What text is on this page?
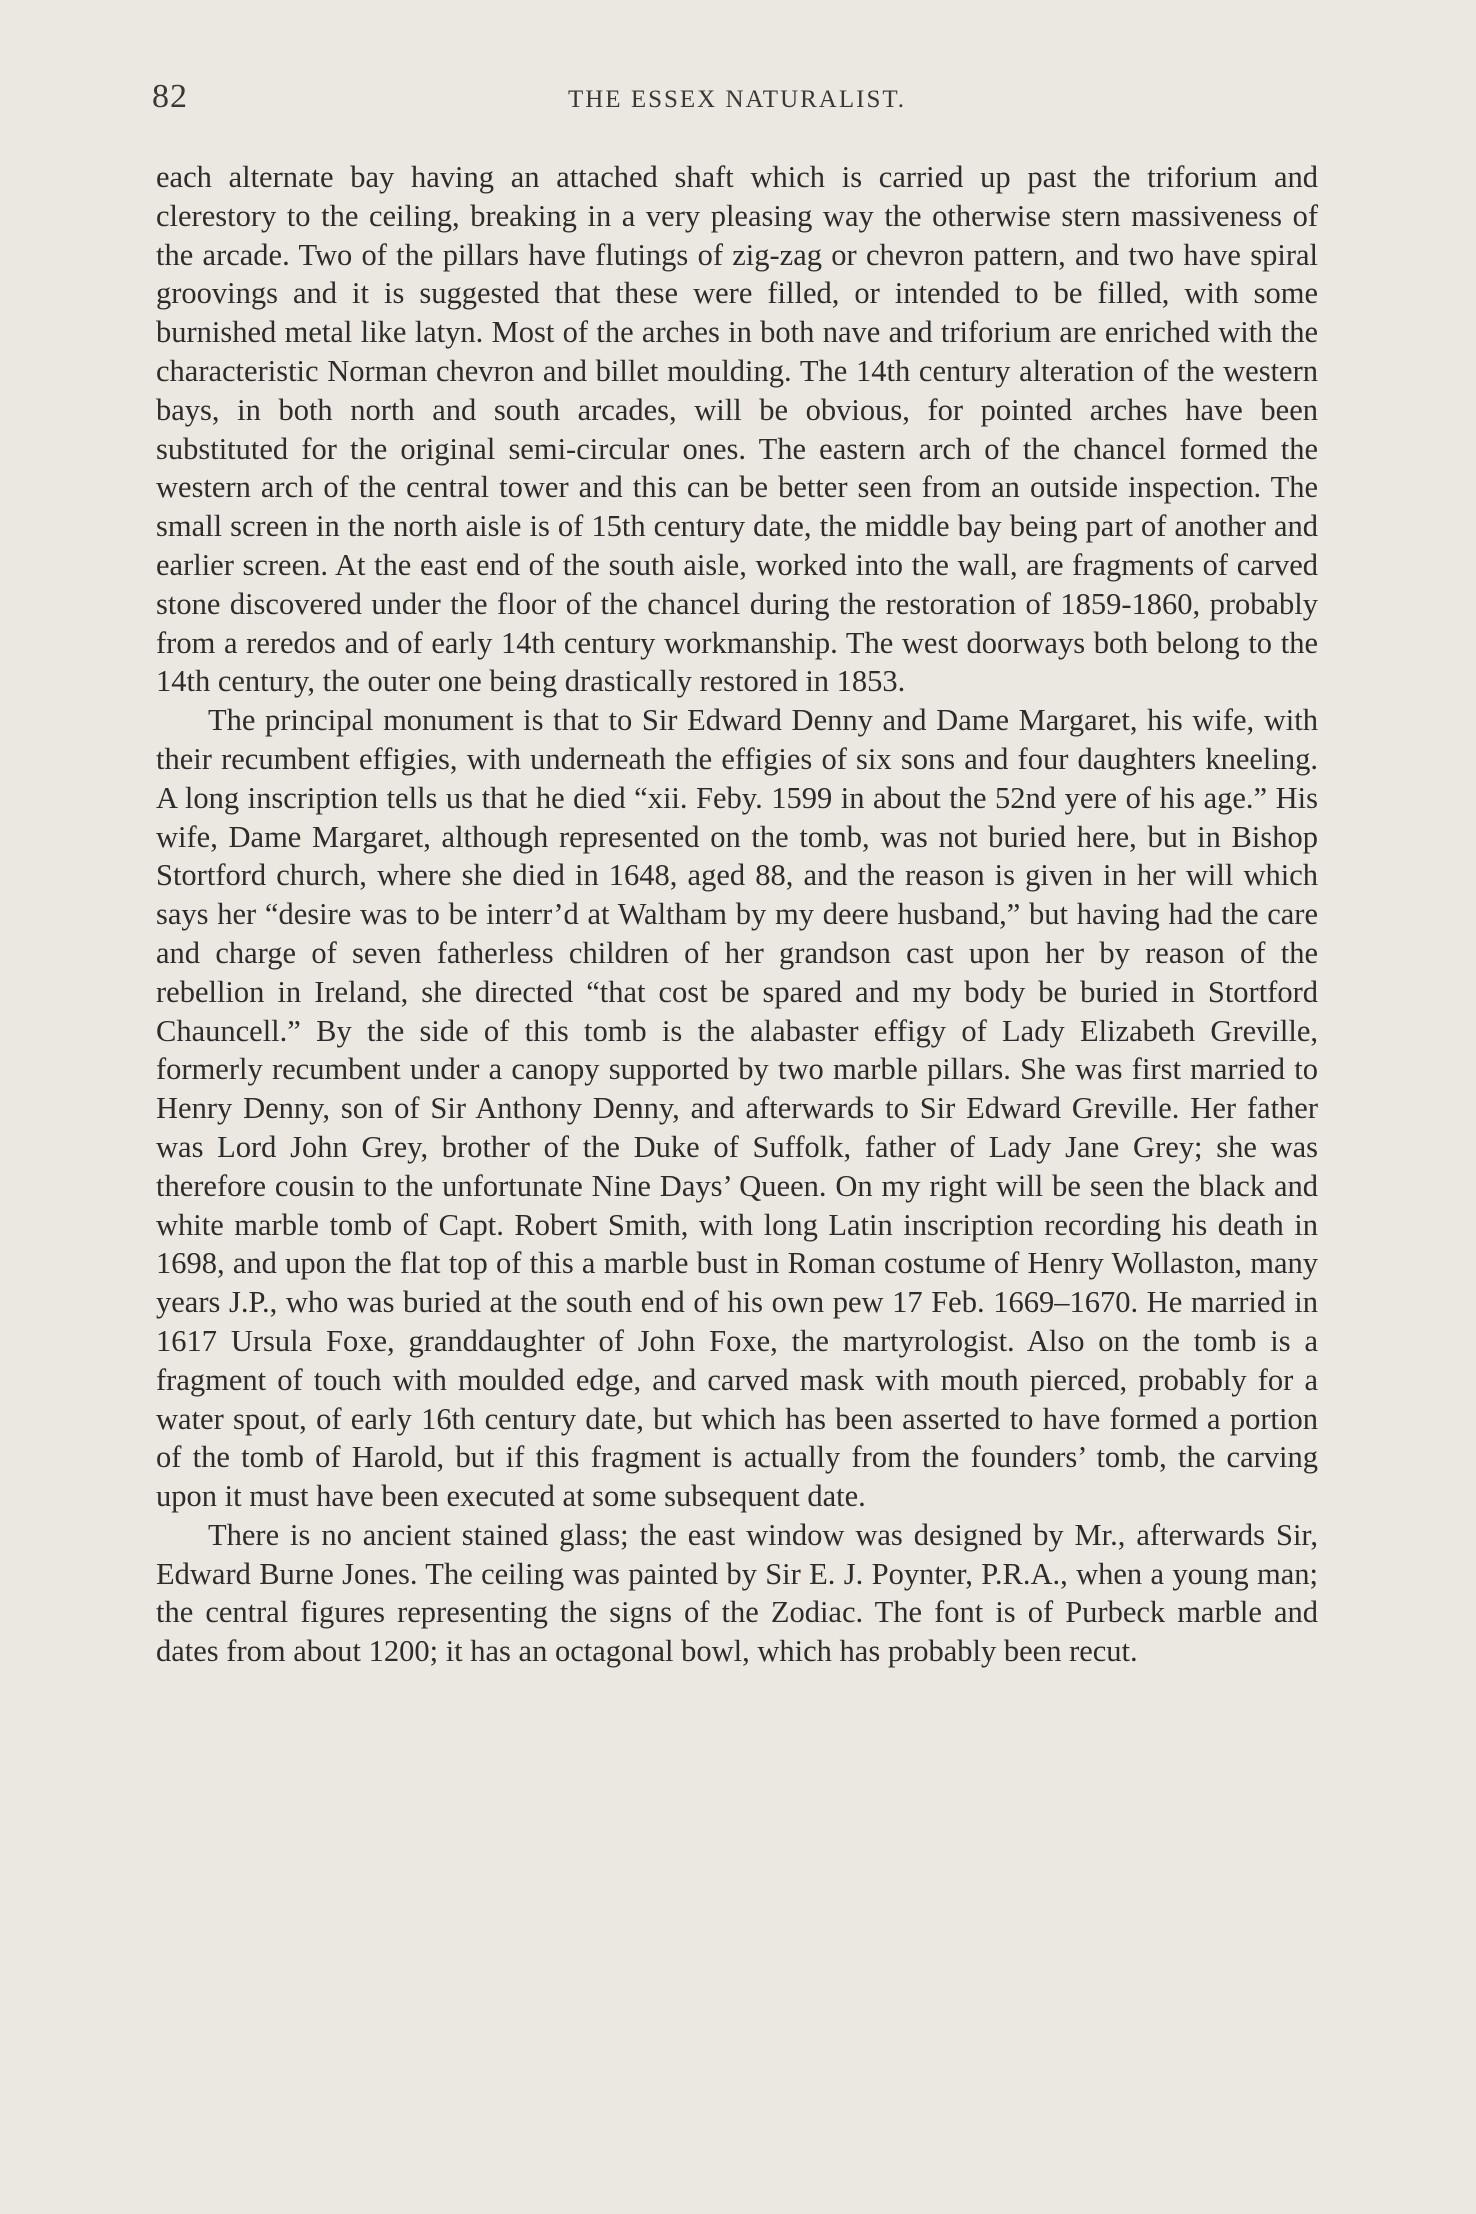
82	THE ESSEX NATURALIST.

each alternate bay having an attached shaft which is carried up past the triforium and clerestory to the ceiling, breaking in a very pleasing way the otherwise stern massiveness of the arcade. Two of the pillars have flutings of zig-zag or chevron pattern, and two have spiral groovings and it is suggested that these were filled, or intended to be filled, with some burnished metal like latyn. Most of the arches in both nave and triforium are enriched with the characteristic Norman chevron and billet moulding. The 14th century alteration of the western bays, in both north and south arcades, will be obvious, for pointed arches have been substituted for the original semi-circular ones. The eastern arch of the chancel formed the western arch of the central tower and this can be better seen from an outside inspection. The small screen in the north aisle is of 15th century date, the middle bay being part of another and earlier screen. At the east end of the south aisle, worked into the wall, are fragments of carved stone discovered under the floor of the chancel during the restoration of 1859-1860, probably from a reredos and of early 14th century workmanship. The west doorways both belong to the 14th century, the outer one being drastically restored in 1853.

The principal monument is that to Sir Edward Denny and Dame Margaret, his wife, with their recumbent effigies, with underneath the effigies of six sons and four daughters kneeling. A long inscription tells us that he died “xii. Feby. 1599 in about the 52nd yere of his age.” His wife, Dame Margaret, although represented on the tomb, was not buried here, but in Bishop Stortford church, where she died in 1648, aged 88, and the reason is given in her will which says her “desire was to be interr’d at Waltham by my deere husband,” but having had the care and charge of seven fatherless children of her grandson cast upon her by reason of the rebellion in Ireland, she directed “that cost be spared and my body be buried in Stortford Chauncell.” By the side of this tomb is the alabaster effigy of Lady Elizabeth Greville, formerly recumbent under a canopy supported by two marble pillars. She was first married to Henry Denny, son of Sir Anthony Denny, and afterwards to Sir Edward Greville. Her father was Lord John Grey, brother of the Duke of Suffolk, father of Lady Jane Grey; she was therefore cousin to the unfortunate Nine Days’ Queen. On my right will be seen the black and white marble tomb of Capt. Robert Smith, with long Latin inscription recording his death in 1698, and upon the flat top of this a marble bust in Roman costume of Henry Wollaston, many years J.P., who was buried at the south end of his own pew 17 Feb. 1669–1670. He married in 1617 Ursula Foxe, granddaughter of John Foxe, the martyrologist. Also on the tomb is a fragment of touch with moulded edge, and carved mask with mouth pierced, probably for a water spout, of early 16th century date, but which has been asserted to have formed a portion of the tomb of Harold, but if this fragment is actually from the founders’ tomb, the carving upon it must have been executed at some subsequent date.

There is no ancient stained glass; the east window was designed by Mr., afterwards Sir, Edward Burne Jones. The ceiling was painted by Sir E. J. Poynter, P.R.A., when a young man; the central figures representing the signs of the Zodiac. The font is of Purbeck marble and dates from about 1200; it has an octagonal bowl, which has probably been recut.
